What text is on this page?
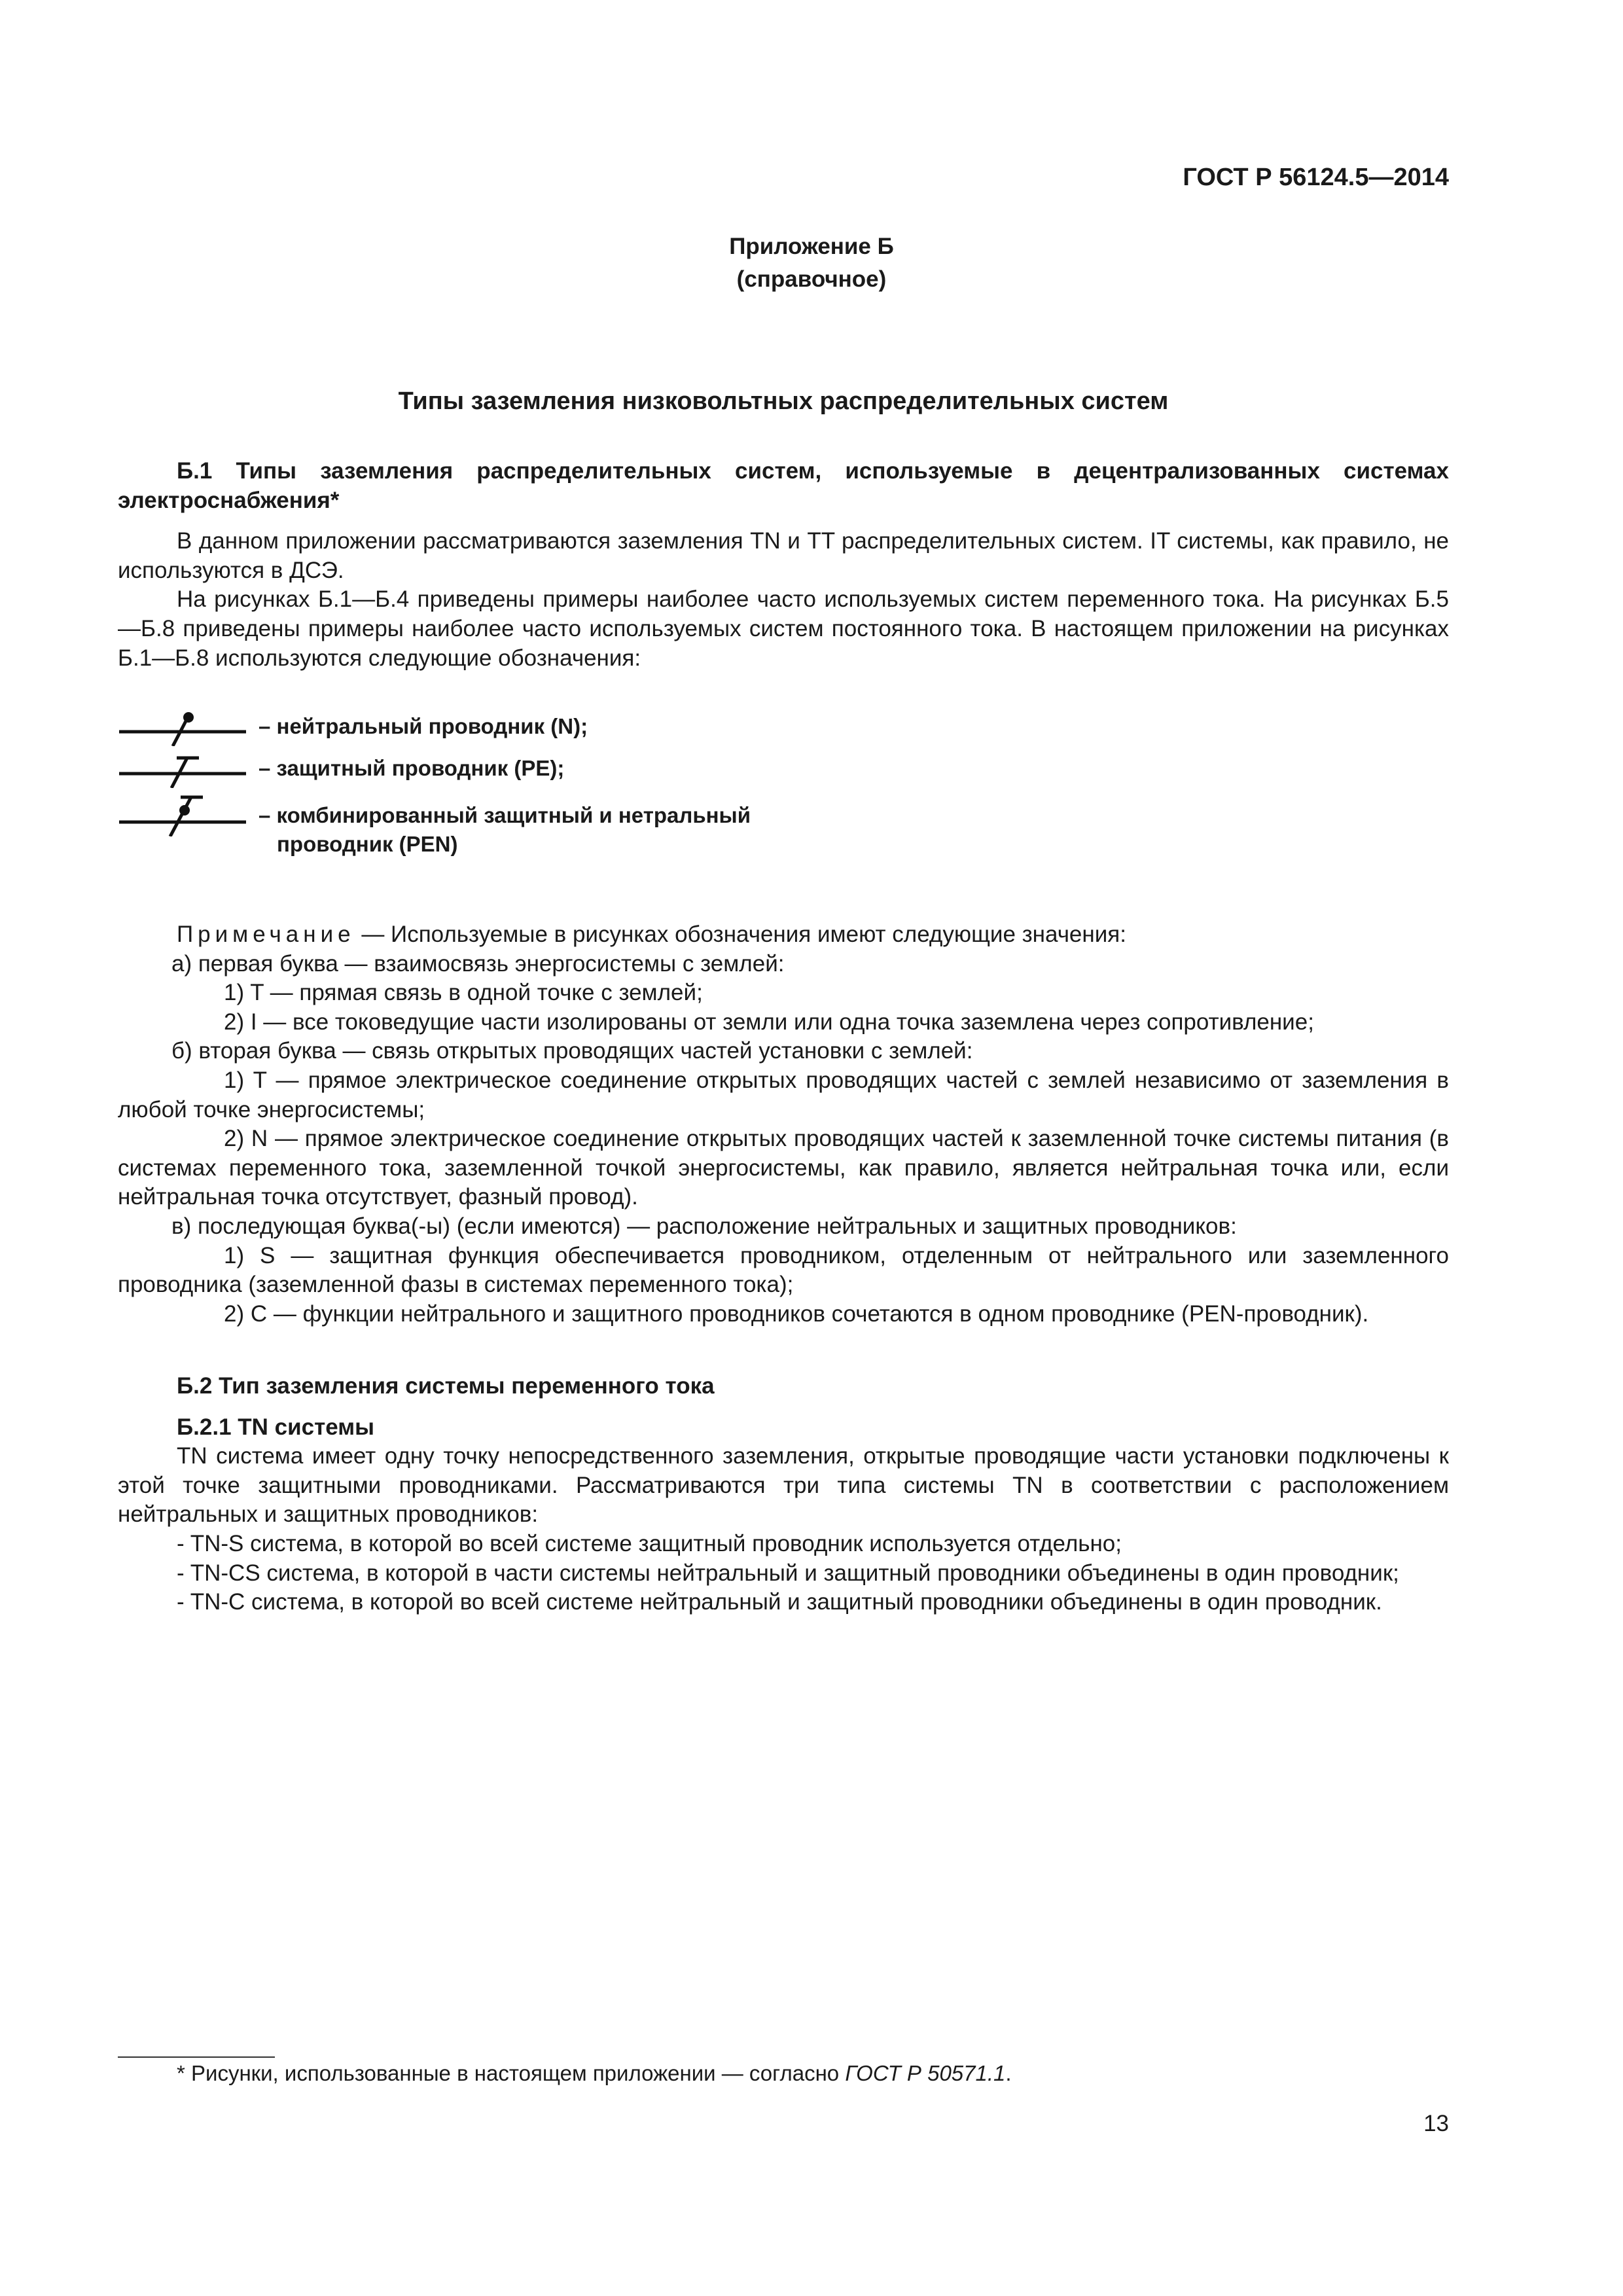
ГОСТ Р 56124.5—2014
Приложение Б
(справочное)
Типы заземления низковольтных распределительных систем

Б.1 Типы заземления распределительных систем, используемые в децентрализованных системах электроснабжения*

В данном приложении рассматриваются заземления TN и TT распределительных систем. IT системы, как правило, не используются в ДСЭ.

На рисунках Б.1—Б.4 приведены примеры наиболее часто используемых систем переменного тока. На рисунках Б.5—Б.8 приведены примеры наиболее часто используемых систем постоянного тока. В настоящем приложении на рисунках Б.1—Б.8 используются следующие обозначения:

– нейтральный проводник (N);
– защитный проводник (PE);
– комбинированный защитный и нетральный
проводник (PEN)

Примечание — Используемые в рисунках обозначения имеют следующие значения:

а) первая буква — взаимосвязь энергосистемы с землей:

1) T — прямая связь в одной точке с землей;

2) I — все токоведущие части изолированы от земли или одна точка заземлена через сопротивление;

б) вторая буква — связь открытых проводящих частей установки с землей:

1) T — прямое электрическое соединение открытых проводящих частей с землей независимо от заземления в любой точке энергосистемы;

2) N — прямое электрическое соединение открытых проводящих частей к заземленной точке системы питания (в системах переменного тока, заземленной точкой энергосистемы, как правило, является нейтральная точка или, если нейтральная точка отсутствует, фазный провод).

в) последующая буква(-ы) (если имеются) — расположение нейтральных и защитных проводников:

1) S — защитная функция обеспечивается проводником, отделенным от нейтрального или заземленного проводника (заземленной фазы в системах переменного тока);

2) C — функции нейтрального и защитного проводников сочетаются в одном проводнике (PEN-проводник).

Б.2 Тип заземления системы переменного тока

Б.2.1 TN системы

TN система имеет одну точку непосредственного заземления, открытые проводящие части установки подключены к этой точке защитными проводниками. Рассматриваются три типа системы TN в соответствии с расположением нейтральных и защитных проводников:

- TN-S система, в которой во всей системе защитный проводник используется отдельно;

- TN-CS система, в которой в части системы нейтральный и защитный проводники объединены в один проводник;

- TN-C система, в которой во всей системе нейтральный и защитный проводники объединены в один проводник.

* Рисунки, использованные в настоящем приложении — согласно ГОСТ Р 50571.1.
13
